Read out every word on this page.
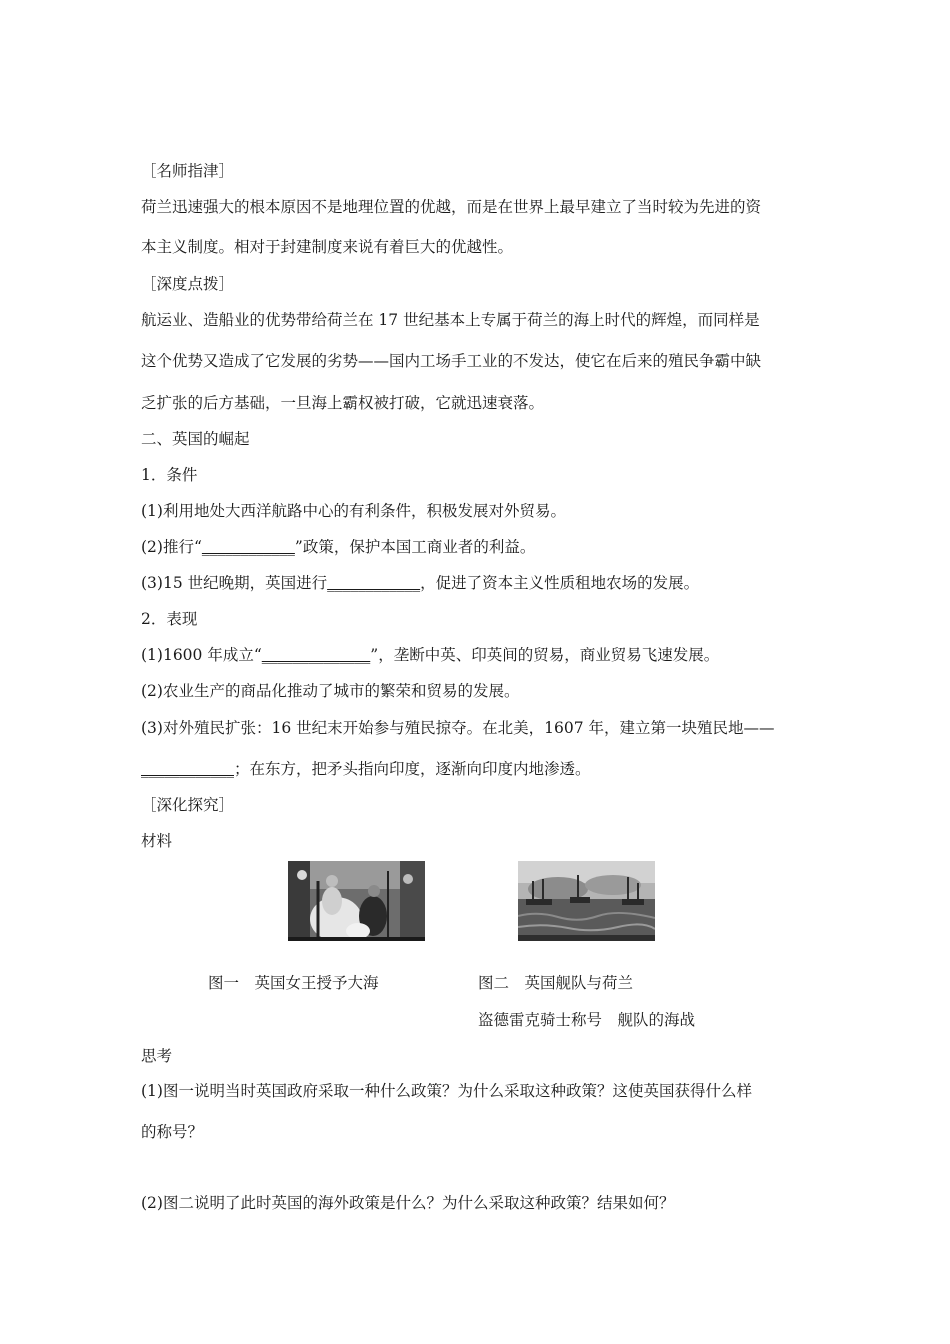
［名师指津］
荷兰迅速强大的根本原因不是地理位置的优越，而是在世界上最早建立了当时较为先进的资
本主义制度。相对于封建制度来说有着巨大的优越性。
［深度点拨］
航运业、造船业的优势带给荷兰在 17 世纪基本上专属于荷兰的海上时代的辉煌，而同样是
这个优势又造成了它发展的劣势——国内工场手工业的不发达，使它在后来的殖民争霸中缺
乏扩张的后方基础，一旦海上霸权被打破，它就迅速衰落。
二、英国的崛起
1．条件
(1)利用地处大西洋航路中心的有利条件，积极发展对外贸易。
(2)推行“____________”政策，保护本国工商业者的利益。
(3)15 世纪晚期，英国进行____________，促进了资本主义性质租地农场的发展。
2．表现
(1)1600 年成立“______________”，垄断中英、印英间的贸易，商业贸易飞速发展。
(2)农业生产的商品化推动了城市的繁荣和贸易的发展。
(3)对外殖民扩张：16 世纪末开始参与殖民掠夺。在北美，1607 年，建立第一块殖民地——
____________；在东方，把矛头指向印度，逐渐向印度内地渗透。
［深化探究］
材料
图一　英国女王授予大海	图二　英国舰队与荷兰
盗德雷克骑士称号　舰队的海战
思考
(1)图一说明当时英国政府采取一种什么政策？为什么采取这种政策？这使英国获得什么样
的称号？
(2)图二说明了此时英国的海外政策是什么？为什么采取这种政策？结果如何？
